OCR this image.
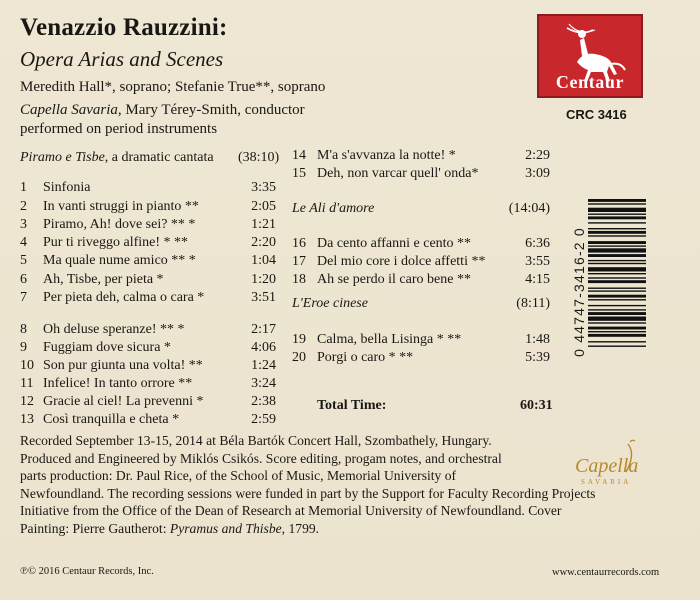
Venazzio Rauzzini:
Opera Arias and Scenes
Meredith Hall*, soprano; Stefanie True**, soprano
Capella Savaria, Mary Térey-Smith, conductor
performed on period instruments
Centaur
CRC 3416
Piramo e Tisbe, a dramatic cantata (38:10)
Le Ali d'amore	(14:04)
L'Eroe cinese	(8:11)
1 Sinfonia	3:35
2 In vanti struggi in pianto **	2:05
3 Piramo, Ah! dove sei? ** *	1:21
4 Pur ti riveggo alfine! * **	2:20
5 Ma quale nume amico ** *	1:04
6 Ah, Tisbe, per pieta *	1:20
7 Per pieta deh, calma o cara *	3:51
8 Oh deluse speranze! ** *	2:17
9 Fuggiam dove sicura *	4:06
10 Son pur giunta una volta! **	1:24
11 Infelice! In tanto orrore **	3:24
12 Gracie al ciel! La prevenni *	2:38
13 Così tranquilla e cheta *	2:59
14 M'a s'avvanza la notte! *	2:29
15 Deh, non varcar quell' onda*	3:09
16 Da cento affanni e cento **	6:36
17 Del mio core i dolce affetti **	3:55
18 Ah se perdo il caro bene **	4:15
19 Calma, bella Lisinga * **	1:48
20 Porgi o caro * **	5:39
Total Time:	60:31
0 44747-3416-2 0
Recorded September 13-15, 2014 at Béla Bartók Concert Hall, Szombathely, Hungary.
Produced and Engineered by Miklós Csikós. Score editing, progam notes, and orchestral
parts production: Dr. Paul Rice, of the School of Music, Memorial University of
Newfoundland. The recording sessions were funded in part by the Support for Faculty Recording Projects
Initiative from the Office of the Dean of Research at Memorial University of Newfoundland. Cover
Painting: Pierre Gautherot: Pyramus and Thisbe, 1799.
Capella
SAVARIA
℗© 2016 Centaur Records, Inc.	www.centaurrecords.com
